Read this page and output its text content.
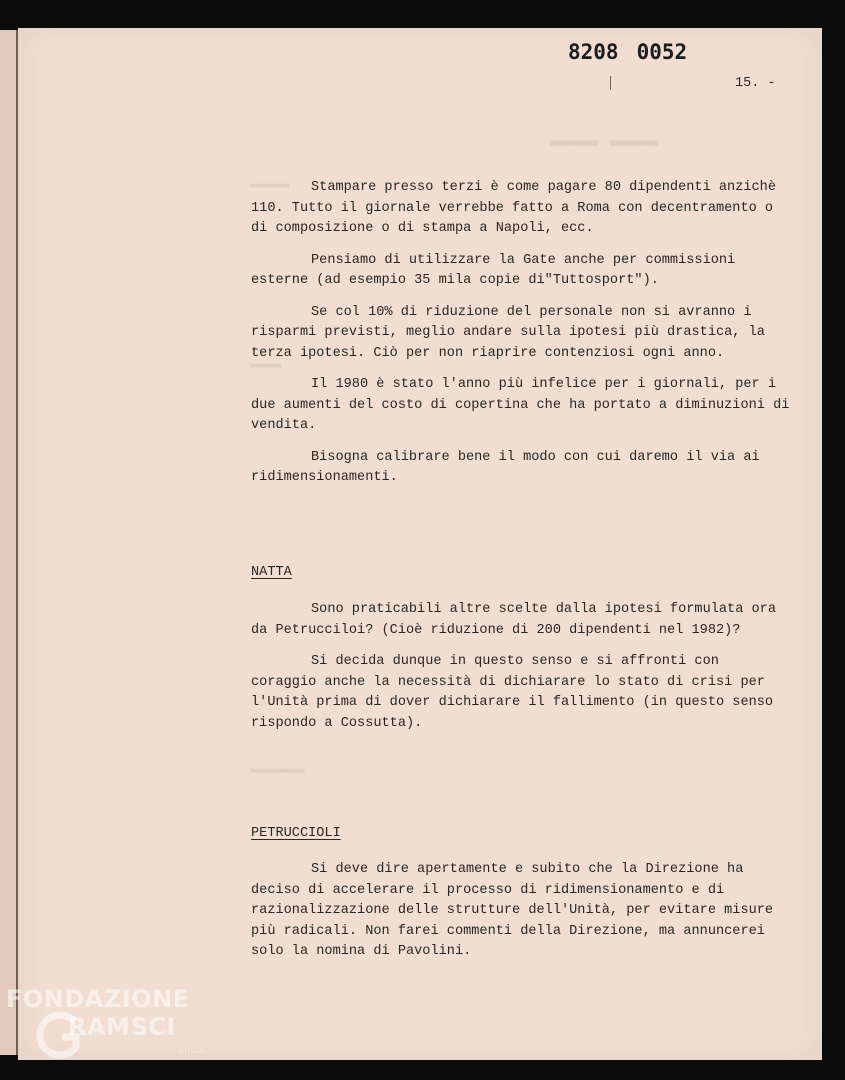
▬▬▬▬ ▬▬▬▬
▬▬▬▬▬
▬▬▬▬
▬▬▬▬▬▬▬
8208 0052
15. -

Stampare presso terzi è come pagare 80 dipendenti anzichè 110. Tutto il giornale verrebbe fatto a Roma con decentramento o di composizione o di stampa a Napoli, ecc.

Pensiamo di utilizzare la Gate anche per commissioni esterne (ad esempio 35 mila copie di"Tuttosport").

Se col 10% di riduzione del personale non si avranno i risparmi previsti, meglio andare sulla ipotesi più drastica, la terza ipotesi. Ciò per non riaprire contenziosi ogni anno.

Il 1980 è stato l'anno più infelice per i giornali, per i due aumenti del costo di copertina che ha portato a diminuzioni di vendita.

Bisogna calibrare bene il modo con cui daremo il via ai ridimensionamenti.

NATTA

Sono praticabili altre scelte dalla ipotesi formulata ora da Petrucciloi? (Cioè riduzione di 200 dipendenti nel 1982)?

Si decida dunque in questo senso e si affronti con coraggio anche la necessità di dichiarare lo stato di crisi per l'Unità prima di dover dichiarare il fallimento (in questo senso rispondo a Cossutta).

PETRUCCIOLI

Si deve dire apertamente e subito che la Direzione ha deciso di accelerare il processo di ridimensionamento e di razionalizzazione delle strutture dell'Unità, per evitare misure più radicali. Non farei commenti della Direzione, ma annuncerei solo la nomina di Pavolini.

FONDAZIONE
RAMSCI
onlus
